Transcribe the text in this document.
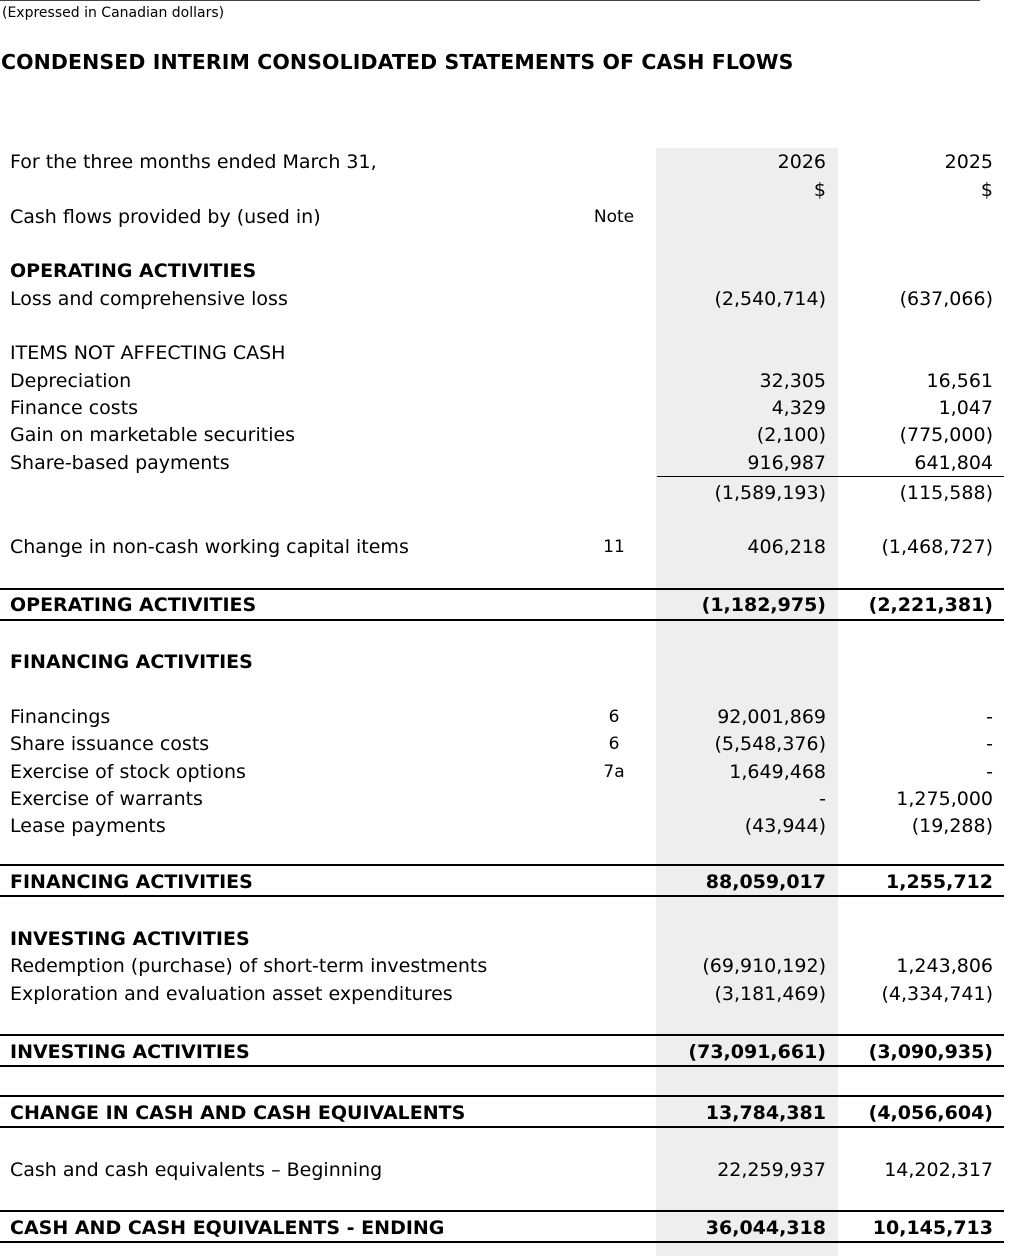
(Expressed in Canadian dollars)
CONDENSED INTERIM CONSOLIDATED STATEMENTS OF CASH FLOWS
For the three months ended March 31,	2026	2025
$	$
Cash flows provided by (used in)	Note
OPERATING ACTIVITIES
Loss and comprehensive loss	(2,540,714)	(637,066)
ITEMS NOT AFFECTING CASH
Depreciation	32,305	16,561
Finance costs	4,329	1,047
Gain on marketable securities	(2,100)	(775,000)
Share-based payments	916,987	641,804
(1,589,193)	(115,588)
Change in non-cash working capital items	11	406,218	(1,468,727)
OPERATING ACTIVITIES	(1,182,975) (2,221,381)
FINANCING ACTIVITIES
Financings	6	92,001,869	-
Share issuance costs	6	(5,548,376)	-
Exercise of stock options	7a	1,649,468	-
Exercise of warrants	-	1,275,000
Lease payments	(43,944)	(19,288)
FINANCING ACTIVITIES	88,059,017	1,255,712
INVESTING ACTIVITIES
Redemption (purchase) of short-term investments	(69,910,192)	1,243,806
Exploration and evaluation asset expenditures	(3,181,469)	(4,334,741)
INVESTING ACTIVITIES	(73,091,661) (3,090,935)
CHANGE IN CASH AND CASH EQUIVALENTS	13,784,381 (4,056,604)
Cash and cash equivalents – Beginning	22,259,937	14,202,317
CASH AND CASH EQUIVALENTS - ENDING	36,044,318 10,145,713
